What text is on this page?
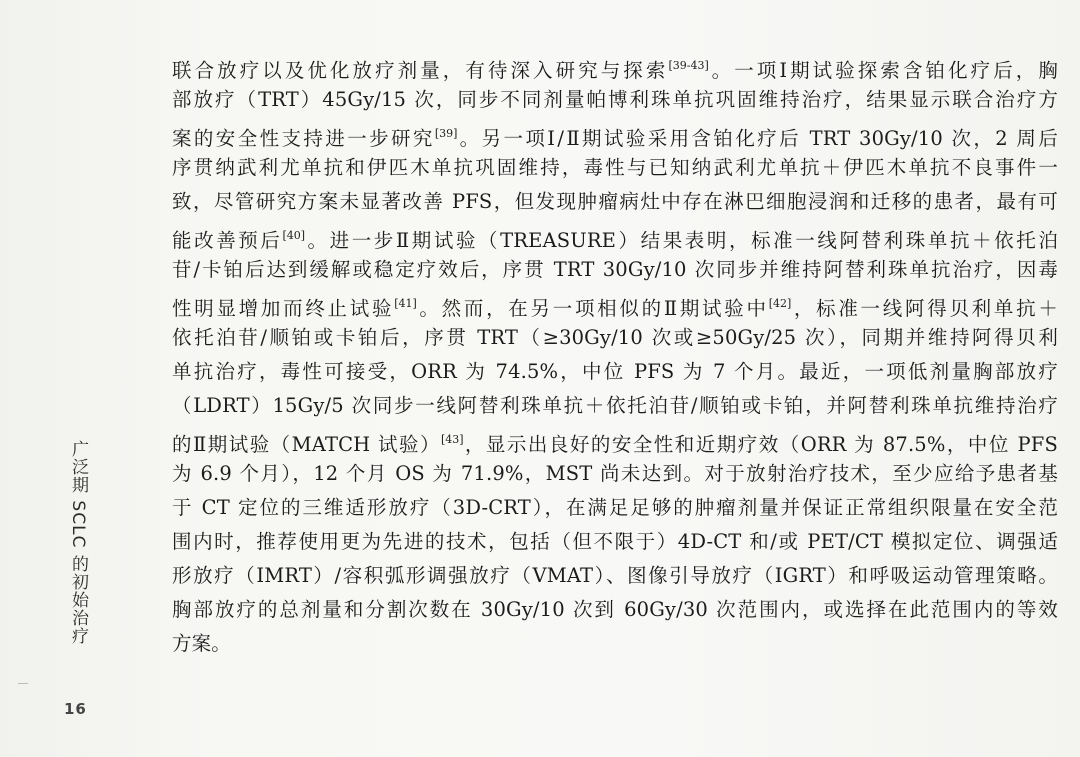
联合放疗以及优化放疗剂量，有待深入研究与探索[39-43]。一项Ⅰ期试验探索含铂化疗后，胸
部放疗（TRT）45Gy/15 次，同步不同剂量帕博利珠单抗巩固维持治疗，结果显示联合治疗方
案的安全性支持进一步研究[39]。另一项Ⅰ/Ⅱ期试验采用含铂化疗后 TRT 30Gy/10 次，2 周后
序贯纳武利尤单抗和伊匹木单抗巩固维持，毒性与已知纳武利尤单抗＋伊匹木单抗不良事件一
致，尽管研究方案未显著改善 PFS，但发现肿瘤病灶中存在淋巴细胞浸润和迁移的患者，最有可
能改善预后[40]。进一步Ⅱ期试验（TREASURE）结果表明，标准一线阿替利珠单抗＋依托泊
苷/卡铂后达到缓解或稳定疗效后，序贯 TRT 30Gy/10 次同步并维持阿替利珠单抗治疗，因毒
性明显增加而终止试验[41]。然而，在另一项相似的Ⅱ期试验中[42]，标准一线阿得贝利单抗＋
依托泊苷/顺铂或卡铂后，序贯 TRT（≥30Gy/10 次或≥50Gy/25 次），同期并维持阿得贝利
单抗治疗，毒性可接受，ORR 为 74.5%，中位 PFS 为 7 个月。最近，一项低剂量胸部放疗
（LDRT）15Gy/5 次同步一线阿替利珠单抗＋依托泊苷/顺铂或卡铂，并阿替利珠单抗维持治疗
的Ⅱ期试验（MATCH 试验）[43]，显示出良好的安全性和近期疗效（ORR 为 87.5%，中位 PFS
为 6.9 个月），12 个月 OS 为 71.9%，MST 尚未达到。对于放射治疗技术，至少应给予患者基
于 CT 定位的三维适形放疗（3D-CRT），在满足足够的肿瘤剂量并保证正常组织限量在安全范
围内时，推荐使用更为先进的技术，包括（但不限于）4D-CT 和/或 PET/CT 模拟定位、调强适
形放疗（IMRT）/容积弧形调强放疗（VMAT）、图像引导放疗（IGRT）和呼吸运动管理策略。
胸部放疗的总剂量和分割次数在 30Gy/10 次到 60Gy/30 次范围内，或选择在此范围内的等效
方案。
广泛期 SCLC 的初始治疗
16
